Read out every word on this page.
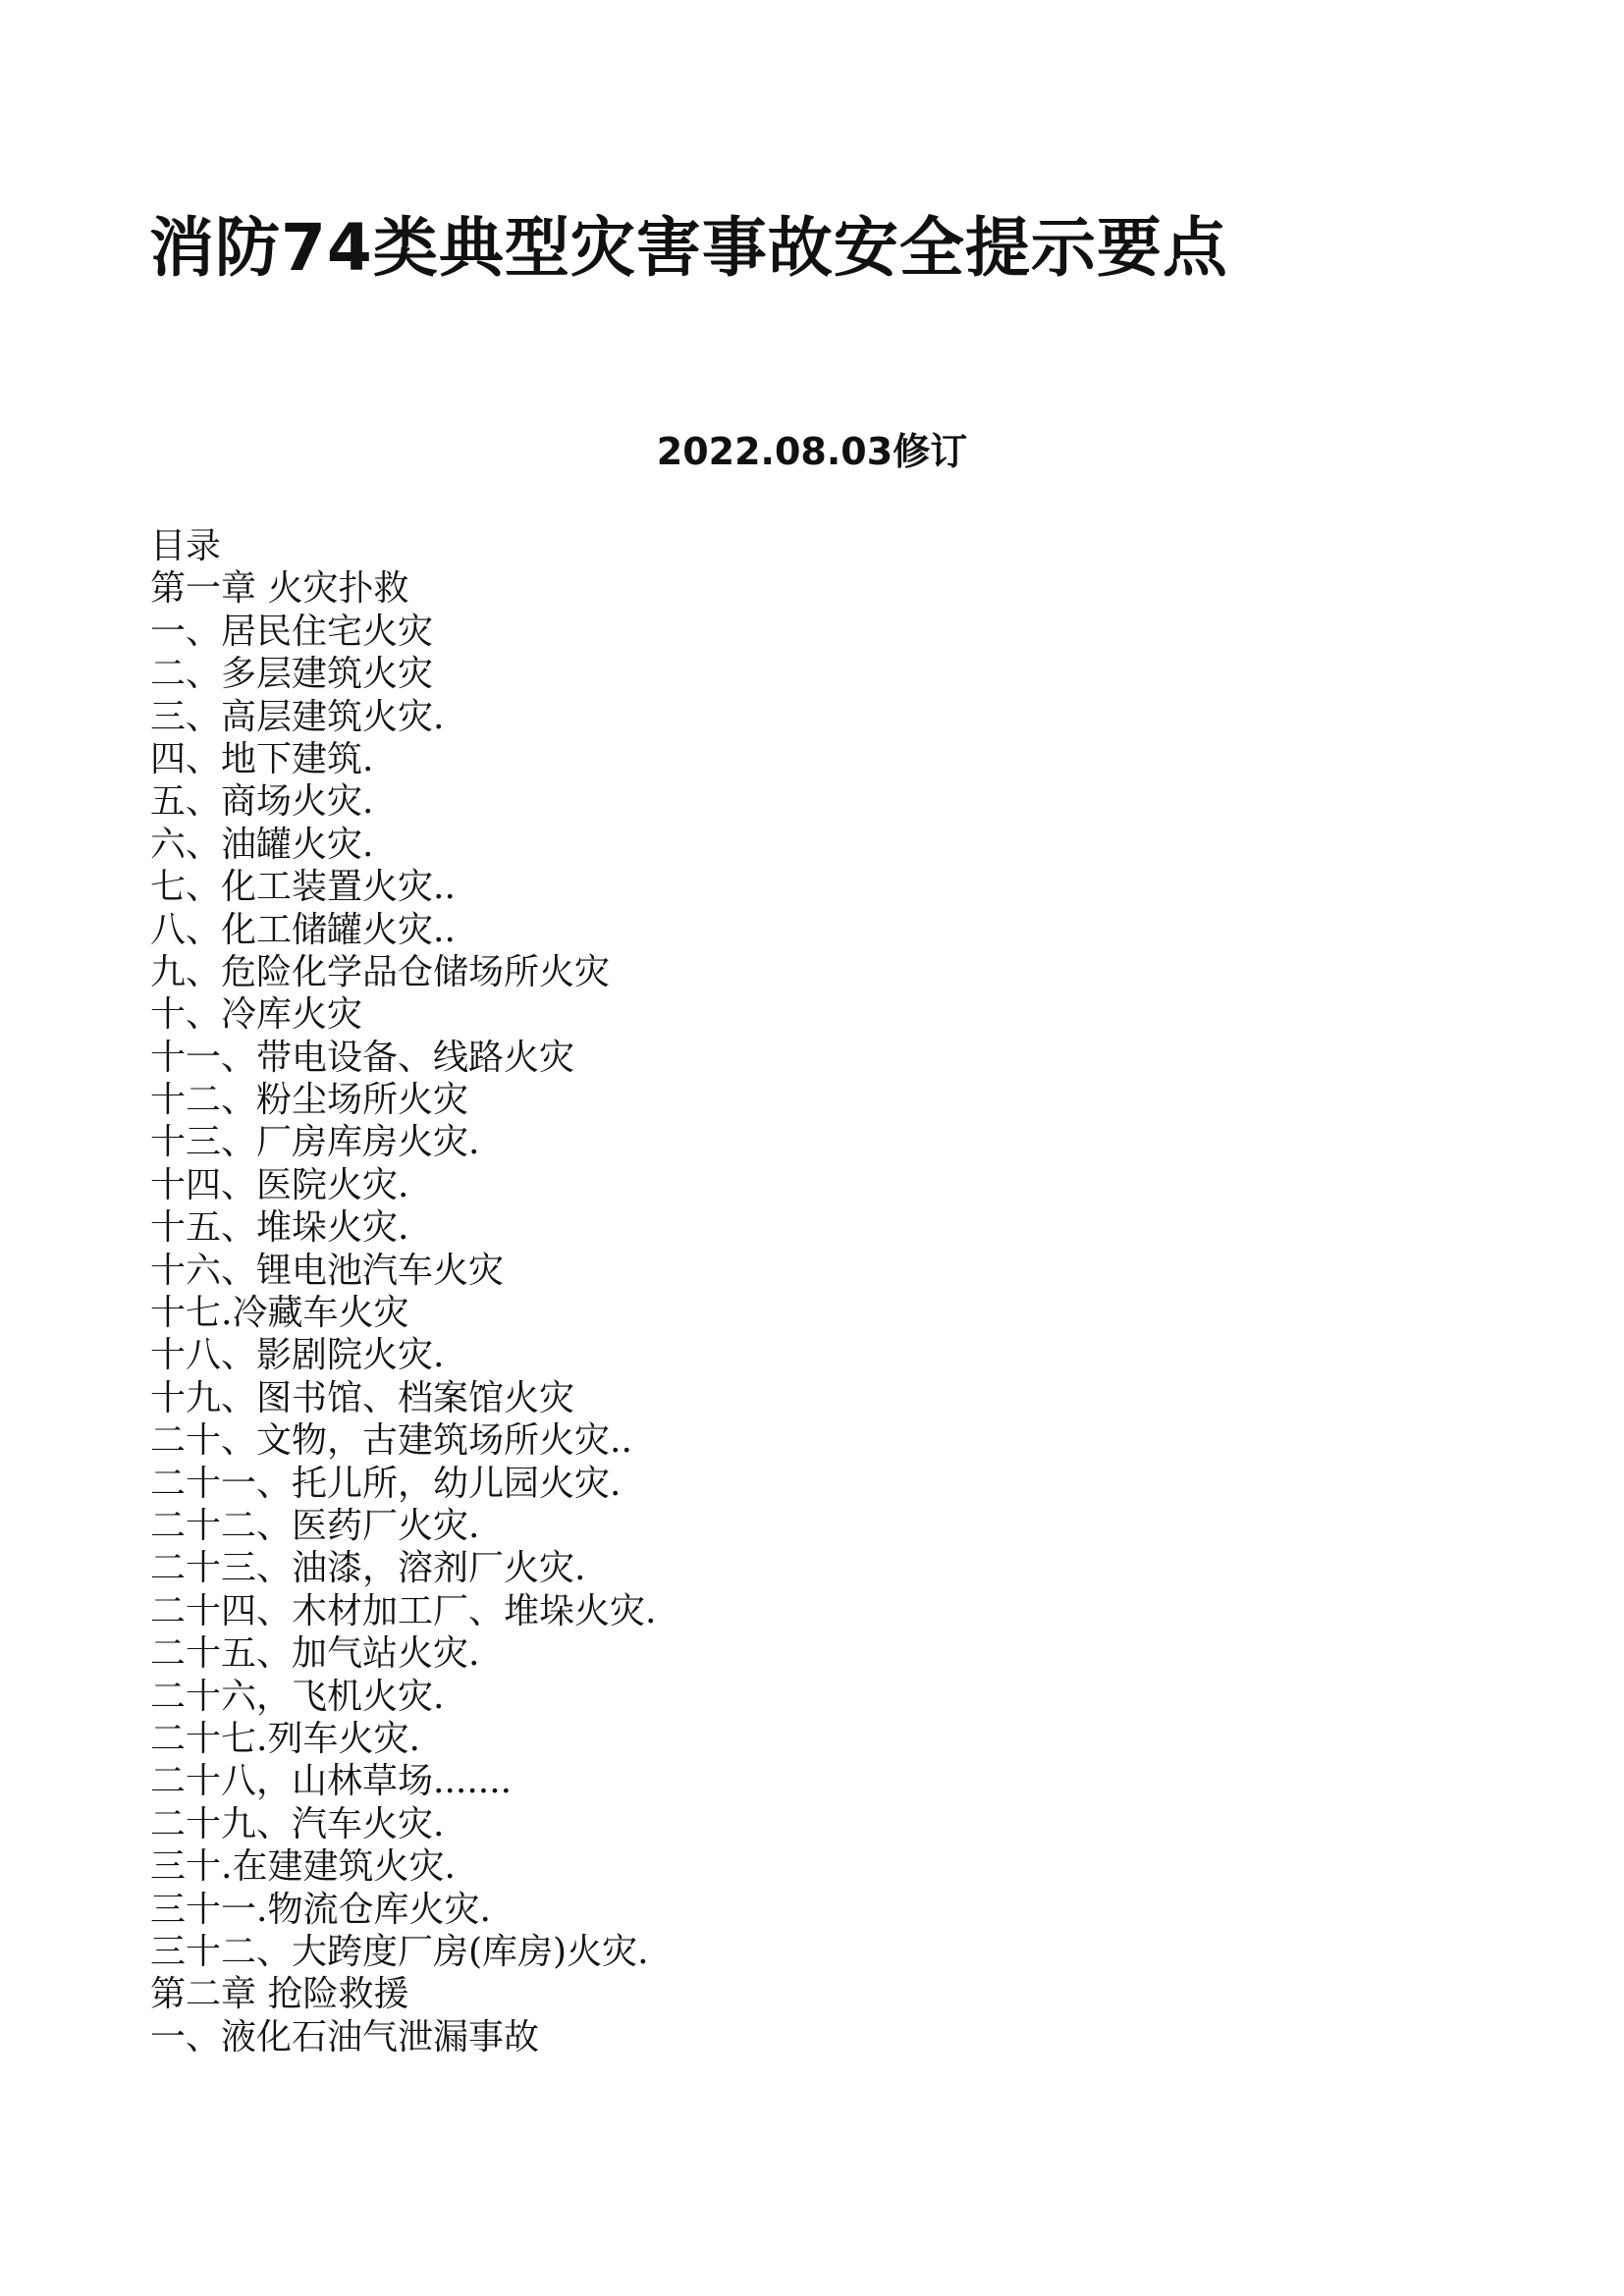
消防74类典型灾害事故安全提示要点
2022.08.03修订
目录
第一章 火灾扑救
一、居民住宅火灾
二、多层建筑火灾
三、高层建筑火灾.
四、地下建筑.
五、商场火灾.
六、油罐火灾.
七、化工装置火灾..
八、化工储罐火灾..
九、危险化学品仓储场所火灾
十、冷库火灾
十一、带电设备、线路火灾
十二、粉尘场所火灾
十三、厂房库房火灾.
十四、医院火灾.
十五、堆垛火灾.
十六、锂电池汽车火灾
十七.冷藏车火灾
十八、影剧院火灾.
十九、图书馆、档案馆火灾
二十、文物，古建筑场所火灾..
二十一、托儿所，幼儿园火灾.
二十二、医药厂火灾.
二十三、油漆，溶剂厂火灾.
二十四、木材加工厂、堆垛火灾.
二十五、加气站火灾.
二十六，飞机火灾.
二十七.列车火灾.
二十八，山林草场.......
二十九、汽车火灾.
三十.在建建筑火灾.
三十一.物流仓库火灾.
三十二、大跨度厂房(库房)火灾.
第二章 抢险救援
一、液化石油气泄漏事故
